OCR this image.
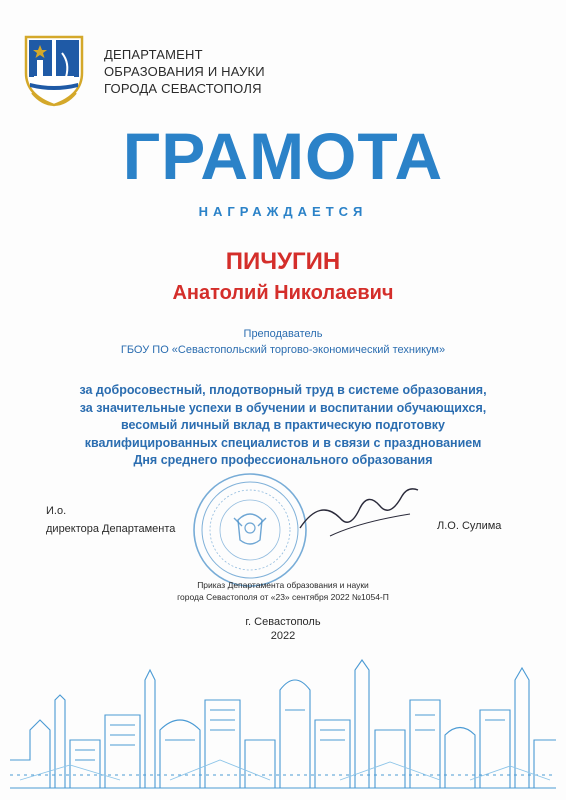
ДЕПАРТАМЕНТ
ОБРАЗОВАНИЯ И НАУКИ
ГОРОДА СЕВАСТОПОЛЯ
ГРАМОТА
НАГРАЖДАЕТСЯ
ПИЧУГИН
Анатолий Николаевич
Преподаватель
ГБОУ ПО «Севастопольский торгово-экономический техникум»
за добросовестный, плодотворный труд в системе образования,
за значительные успехи в обучении и воспитании обучающихся,
весомый личный вклад в практическую подготовку
квалифицированных специалистов и в связи с празднованием
Дня среднего профессионального образования
И.о.
директора Департамента	Л.О. Сулима
Приказ Департамента образования и науки
города Севастополя от «23» сентября 2022 №1054-П
г. Севастополь
2022
